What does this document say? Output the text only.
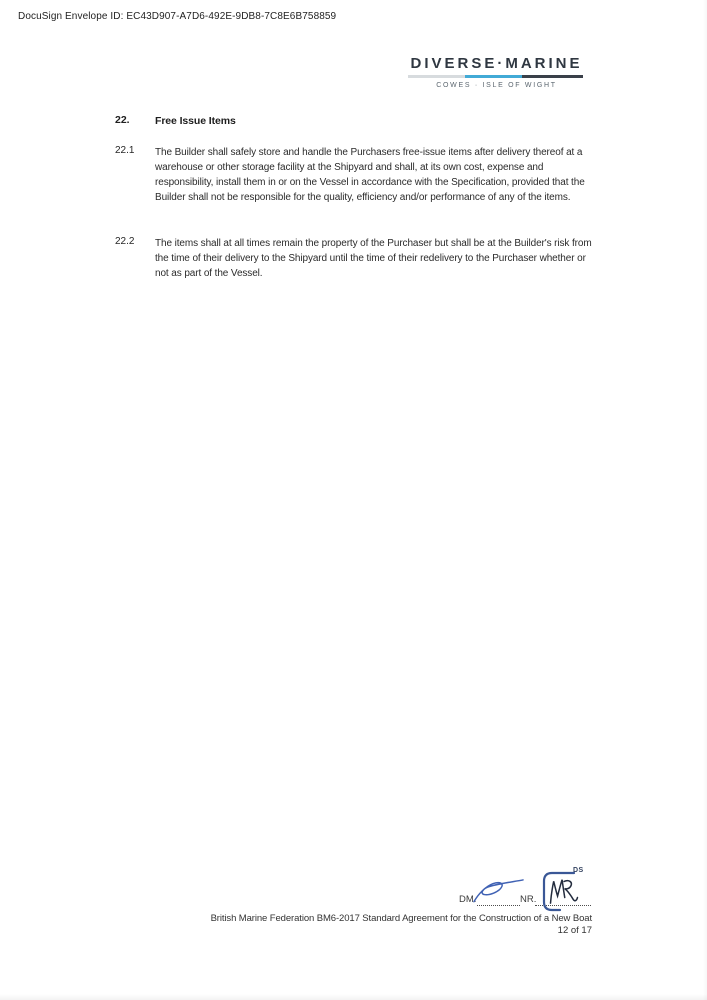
DocuSign Envelope ID: EC43D907-A7D6-492E-9DB8-7C8E6B758859
DIVERSE·MARINE
COWES · ISLE OF WIGHT
22.	Free Issue Items
22.1	The Builder shall safely store and handle the Purchasers free-issue items after delivery thereof at a warehouse or other storage facility at the Shipyard and shall, at its own cost, expense and responsibility, install them in or on the Vessel in accordance with the Specification, provided that the Builder shall not be responsible for the quality, efficiency and/or performance of any of the items.
22.2	The items shall at all times remain the property of the Purchaser but shall be at the Builder's risk from the time of their delivery to the Shipyard until the time of their redelivery to the Purchaser whether or not as part of the Vessel.
DM.	NR.
DS
British Marine Federation BM6-2017 Standard Agreement for the Construction of a New Boat
12 of 17
